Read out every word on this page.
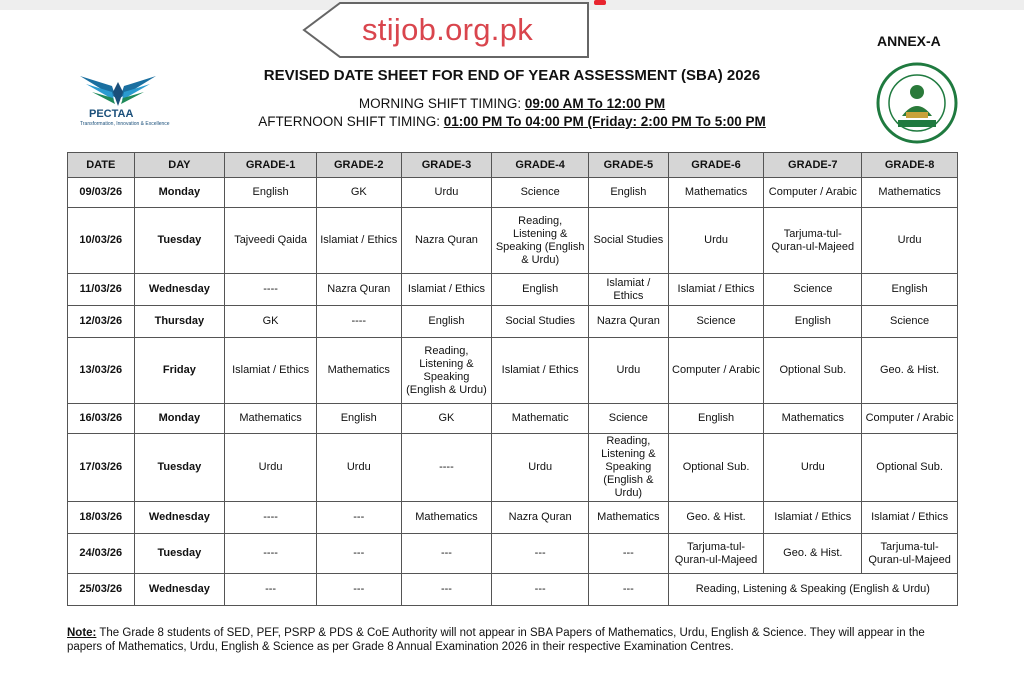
stijob.org.pk	ANNEX-A
PECTAA
Transformation, Innovation & Excellence
REVISED DATE SHEET FOR END OF YEAR ASSESSMENT (SBA) 2026
MORNING SHIFT TIMING: 09:00 AM To 12:00 PM
AFTERNOON SHIFT TIMING: 01:00 PM To 04:00 PM (Friday: 2:00 PM To 5:00 PM
DATE	DAY	GRADE-1	GRADE-2	GRADE-3	GRADE-4	GRADE-5	GRADE-6	GRADE-7	GRADE-8
09/03/26	Monday	English	GK	Urdu	Science	English	Mathematics	Computer / Arabic	Mathematics
10/03/26	Tuesday	Tajveedi Qaida	Islamiat / Ethics	Nazra Quran	Reading, Listening & Speaking (English & Urdu)	Social Studies	Urdu	Tarjuma-tul-Quran-ul-Majeed	Urdu
11/03/26	Wednesday	----	Nazra Quran	Islamiat / Ethics	English	Islamiat / Ethics	Islamiat / Ethics	Science	English
12/03/26	Thursday	GK	----	English	Social Studies	Nazra Quran	Science	English	Science
13/03/26	Friday	Islamiat / Ethics	Mathematics	Reading, Listening & Speaking (English & Urdu)	Islamiat / Ethics	Urdu	Computer / Arabic	Optional Sub.	Geo. & Hist.
16/03/26	Monday	Mathematics	English	GK	Mathematic	Science	English	Mathematics	Computer / Arabic
17/03/26	Tuesday	Urdu	Urdu	----	Urdu	Reading, Listening & Speaking (English & Urdu)	Optional Sub.	Urdu	Optional Sub.
18/03/26	Wednesday	----	---	Mathematics	Nazra Quran	Mathematics	Geo. & Hist.	Islamiat / Ethics	Islamiat / Ethics
24/03/26	Tuesday	----	---	---	---	---	Tarjuma-tul-Quran-ul-Majeed	Geo. & Hist.	Tarjuma-tul-Quran-ul-Majeed
25/03/26	Wednesday	---	---	---	---	---	Reading, Listening & Speaking (English & Urdu)		
Note: The Grade 8 students of SED, PEF, PSRP & PDS & CoE Authority will not appear in SBA Papers of Mathematics, Urdu, English & Science. They will appear in the papers of Mathematics, Urdu, English & Science as per Grade 8 Annual Examination 2026 in their respective Examination Centres.
